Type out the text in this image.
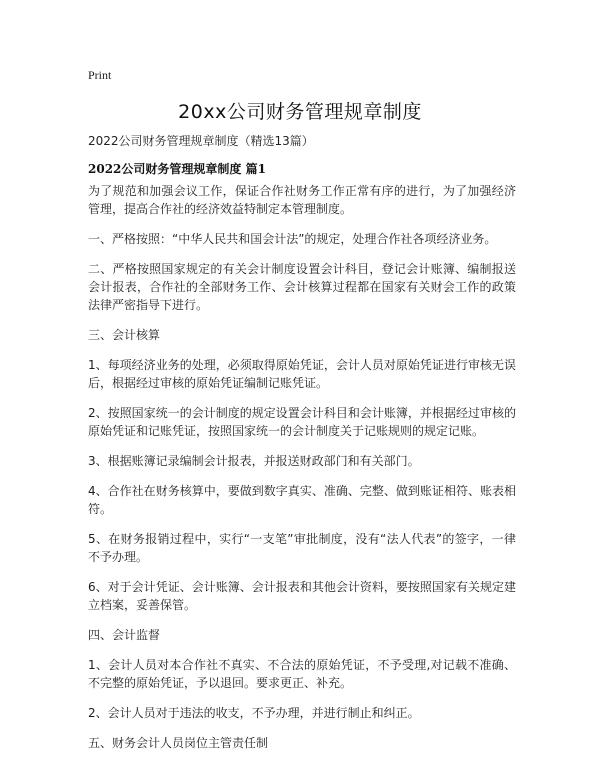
Print
20xx公司财务管理规章制度
2022公司财务管理规章制度（精选13篇）
2022公司财务管理规章制度 篇1

为了规范和加强会议工作，保证合作社财务工作正常有序的进行，为了加强经济管理，提高合作社的经济效益特制定本管理制度。

一、严格按照：“中华人民共和国会计法”的规定，处理合作社各项经济业务。

二、严格按照国家规定的有关会计制度设置会计科目，登记会计账簿、编制报送会计报表，合作社的全部财务工作、会计核算过程都在国家有关财会工作的政策法律严密指导下进行。

三、会计核算

1、每项经济业务的处理，必须取得原始凭证，会计人员对原始凭证进行审核无误后，根据经过审核的原始凭证编制记账凭证。

2、按照国家统一的会计制度的规定设置会计科目和会计账簿，并根据经过审核的原始凭证和记账凭证，按照国家统一的会计制度关于记账规则的规定记账。

3、根据账簿记录编制会计报表，并报送财政部门和有关部门。

4、合作社在财务核算中，要做到数字真实、准确、完整、做到账证相符、账表相符。

5、在财务报销过程中，实行“一支笔”审批制度，没有“法人代表”的签字，一律不予办理。

6、对于会计凭证、会计账簿、会计报表和其他会计资料，要按照国家有关规定建立档案，妥善保管。

四、会计监督

1、会计人员对本合作社不真实、不合法的原始凭证，不予受理,对记载不准确、不完整的原始凭证，予以退回。要求更正、补充。

2、会计人员对于违法的收支，不予办理，并进行制止和纠正。

五、财务会计人员岗位主管责任制
